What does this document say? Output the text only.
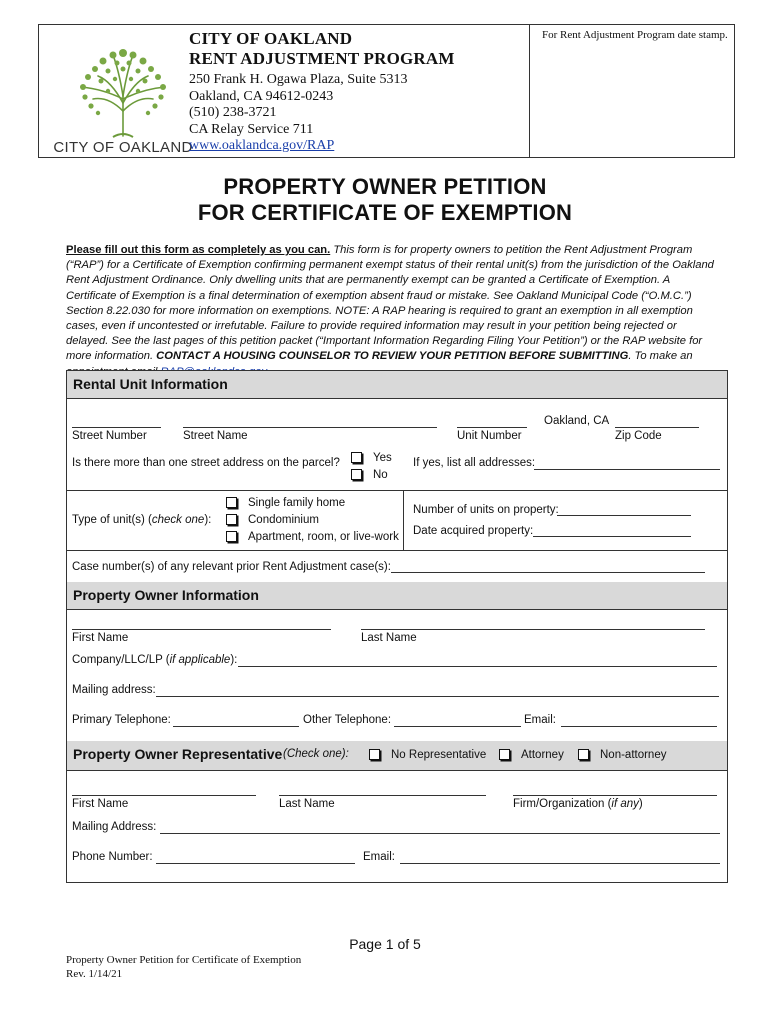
CITY OF OAKLAND
CITY OF OAKLAND
RENT ADJUSTMENT PROGRAM
250 Frank H. Ogawa Plaza, Suite 5313
Oakland, CA 94612-0243
(510) 238-3721
CA Relay Service 711
www.oaklandca.gov/RAP
For Rent Adjustment Program date stamp.
PROPERTY OWNER PETITION
FOR CERTIFICATE OF EXEMPTION
Please fill out this form as completely as you can. This form is for property owners to petition the Rent Adjustment Program (“RAP”) for a Certificate of Exemption confirming permanent exempt status of their rental unit(s) from the jurisdiction of the Oakland Rent Adjustment Ordinance. Only dwelling units that are permanently exempt can be granted a Certificate of Exemption. A Certificate of Exemption is a final determination of exemption absent fraud or mistake. See Oakland Municipal Code (“O.M.C.”) Section 8.22.030 for more information on exemptions. NOTE: A RAP hearing is required to grant an exemption in all exemption cases, even if uncontested or irrefutable. Failure to provide required information may result in your petition being rejected or delayed. See the last pages of this petition packet (“Important Information Regarding Filing Your Petition”) or the RAP website for more information. CONTACT A HOUSING COUNSELOR TO REVIEW YOUR PETITION BEFORE SUBMITTING. To make an
Rental Unit Information
Street Number	Street Name	Unit Number
Oakland, CA
Zip Code
Is there more than one street address on the parcel?	Yes
No
If yes, list all addresses:
Type of unit(s) (check one):
Single family home
Condominium
Apartment, room, or live-work
Number of units on property:
Date acquired property:
Case number(s) of any relevant prior Rent Adjustment case(s):
Property Owner Information
First Name	Last Name
Company/LLC/LP (if applicable):
Mailing address:
Primary Telephone:	Other Telephone:	Email:
Property Owner Representative (Check one):	No Representative	Attorney	Non-attorney
First Name	Last Name	Firm/Organization (if any)
Mailing Address:
Phone Number:	Email:
Page 1 of 5
Property Owner Petition for Certificate of Exemption
Rev. 1/14/21
